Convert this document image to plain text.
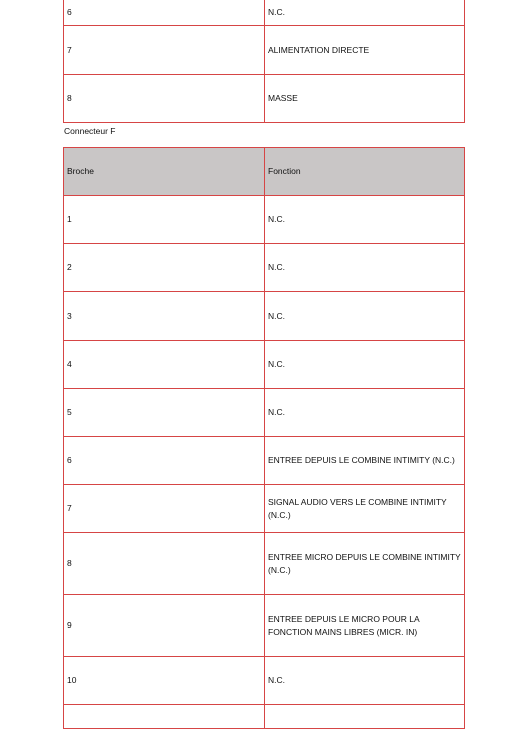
6	N.C.
7	ALIMENTATION DIRECTE
8	MASSE

Connecteur F

Broche	Fonction
1	N.C.
2	N.C.
3	N.C.
4	N.C.
5	N.C.
6	ENTREE DEPUIS LE COMBINE INTIMITY (N.C.)
7	SIGNAL AUDIO VERS LE COMBINE INTIMITY (N.C.)
8	ENTREE MICRO DEPUIS LE COMBINE INTIMITY (N.C.)
9	ENTREE DEPUIS LE MICRO POUR LA FONCTION MAINS LIBRES (MICR. IN)
10	N.C.
